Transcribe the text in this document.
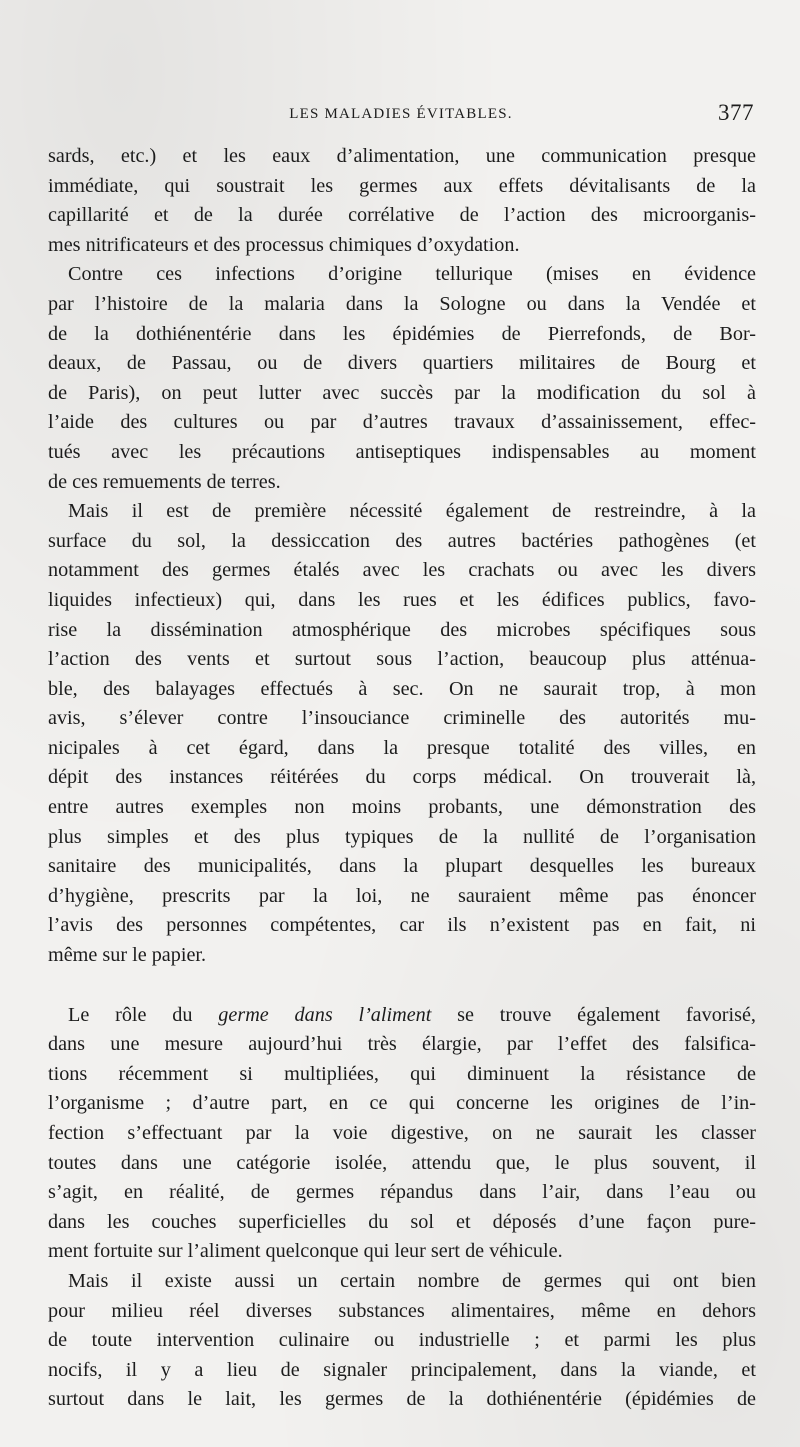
LES MALADIES ÉVITABLES.	377
sards, etc.) et les eaux d’alimentation, une communication presque
immédiate, qui soustrait les germes aux effets dévitalisants de la
capillarité et de la durée corrélative de l’action des microorganis-
mes nitrificateurs et des processus chimiques d’oxydation.
Contre ces infections d’origine tellurique (mises en évidence
par l’histoire de la malaria dans la Sologne ou dans la Vendée et
de la dothiénentérie dans les épidémies de Pierrefonds, de Bor-
deaux, de Passau, ou de divers quartiers militaires de Bourg et
de Paris), on peut lutter avec succès par la modification du sol à
l’aide des cultures ou par d’autres travaux d’assainissement, effec-
tués avec les précautions antiseptiques indispensables au moment
de ces remuements de terres.
Mais il est de première nécessité également de restreindre, à la
surface du sol, la dessiccation des autres bactéries pathogènes (et
notamment des germes étalés avec les crachats ou avec les divers
liquides infectieux) qui, dans les rues et les édifices publics, favo-
rise la dissémination atmosphérique des microbes spécifiques sous
l’action des vents et surtout sous l’action, beaucoup plus atténua-
ble, des balayages effectués à sec. On ne saurait trop, à mon
avis, s’élever contre l’insouciance criminelle des autorités mu-
nicipales à cet égard, dans la presque totalité des villes, en
dépit des instances réitérées du corps médical. On trouverait là,
entre autres exemples non moins probants, une démonstration des
plus simples et des plus typiques de la nullité de l’organisation
sanitaire des municipalités, dans la plupart desquelles les bureaux
d’hygiène, prescrits par la loi, ne sauraient même pas énoncer
l’avis des personnes compétentes, car ils n’existent pas en fait, ni
même sur le papier.
Le rôle du germe dans l’aliment se trouve également favorisé,
dans une mesure aujourd’hui très élargie, par l’effet des falsifica-
tions récemment si multipliées, qui diminuent la résistance de
l’organisme ; d’autre part, en ce qui concerne les origines de l’in-
fection s’effectuant par la voie digestive, on ne saurait les classer
toutes dans une catégorie isolée, attendu que, le plus souvent, il
s’agit, en réalité, de germes répandus dans l’air, dans l’eau ou
dans les couches superficielles du sol et déposés d’une façon pure-
ment fortuite sur l’aliment quelconque qui leur sert de véhicule.
Mais il existe aussi un certain nombre de germes qui ont bien
pour milieu réel diverses substances alimentaires, même en dehors
de toute intervention culinaire ou industrielle ; et parmi les plus
nocifs, il y a lieu de signaler principalement, dans la viande, et
surtout dans le lait, les germes de la dothiénentérie (épidémies de
